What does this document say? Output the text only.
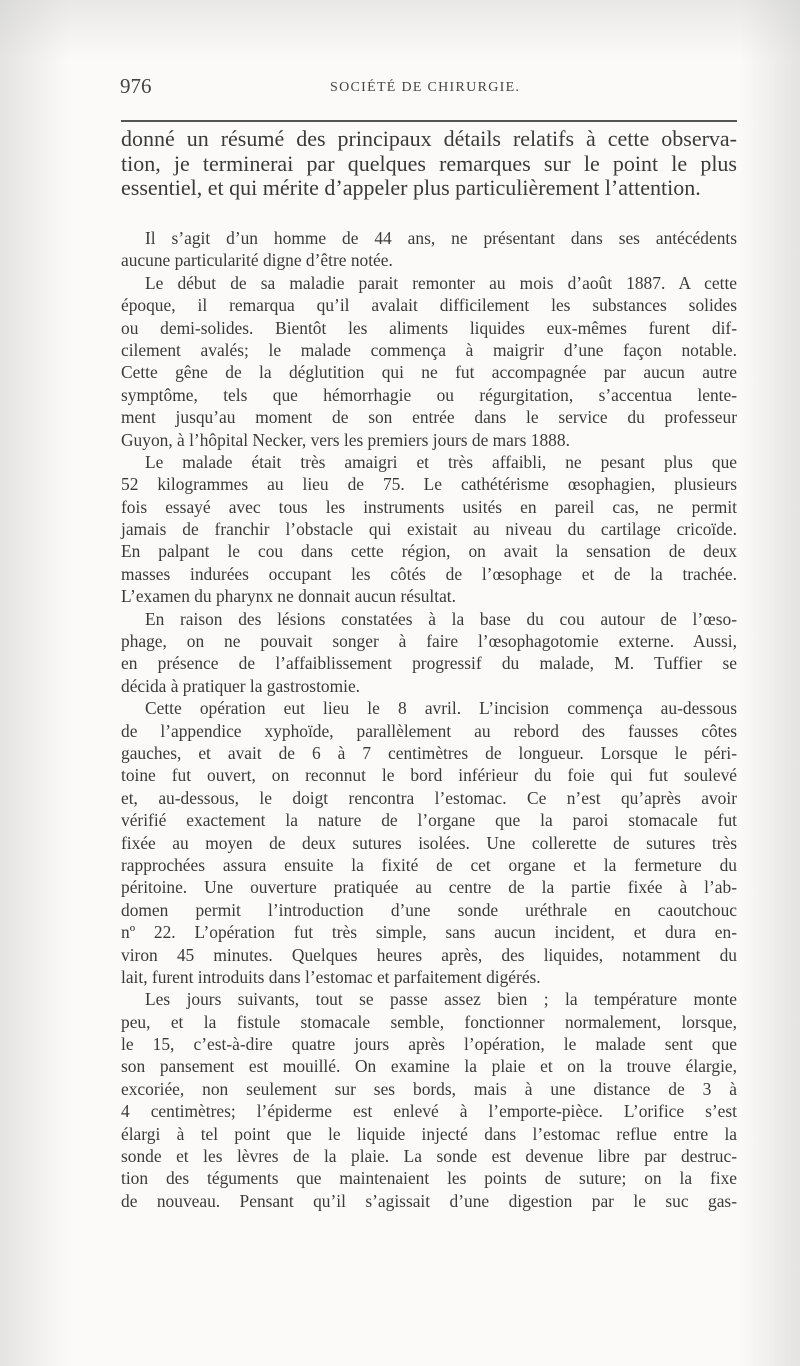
976	SOCIÉTÉ DE CHIRURGIE.
donné un résumé des principaux détails relatifs à cette observa-
tion, je terminerai par quelques remarques sur le point le plus
essentiel, et qui mérite d’appeler plus particulièrement l’attention.
Il s’agit d’un homme de 44 ans, ne présentant dans ses antécédents
aucune particularité digne d’être notée.
Le début de sa maladie parait remonter au mois d’août 1887. A cette
époque, il remarqua qu’il avalait difficilement les substances solides
ou demi-solides. Bientôt les aliments liquides eux-mêmes furent dif-
cilement avalés; le malade commença à maigrir d’une façon notable.
Cette gêne de la déglutition qui ne fut accompagnée par aucun autre
symptôme, tels que hémorrhagie ou régurgitation, s’accentua lente-
ment jusqu’au moment de son entrée dans le service du professeur
Guyon, à l’hôpital Necker, vers les premiers jours de mars 1888.
Le malade était très amaigri et très affaibli, ne pesant plus que
52 kilogrammes au lieu de 75. Le cathétérisme œsophagien, plusieurs
fois essayé avec tous les instruments usités en pareil cas, ne permit
jamais de franchir l’obstacle qui existait au niveau du cartilage cricoïde.
En palpant le cou dans cette région, on avait la sensation de deux
masses indurées occupant les côtés de l’œsophage et de la trachée.
L’examen du pharynx ne donnait aucun résultat.
En raison des lésions constatées à la base du cou autour de l’œso-
phage, on ne pouvait songer à faire l’œsophagotomie externe. Aussi,
en présence de l’affaiblissement progressif du malade, M. Tuffier se
décida à pratiquer la gastrostomie.
Cette opération eut lieu le 8 avril. L’incision commença au-dessous
de l’appendice xyphoïde, parallèlement au rebord des fausses côtes
gauches, et avait de 6 à 7 centimètres de longueur. Lorsque le péri-
toine fut ouvert, on reconnut le bord inférieur du foie qui fut soulevé
et, au-dessous, le doigt rencontra l’estomac. Ce n’est qu’après avoir
vérifié exactement la nature de l’organe que la paroi stomacale fut
fixée au moyen de deux sutures isolées. Une collerette de sutures très
rapprochées assura ensuite la fixité de cet organe et la fermeture du
péritoine. Une ouverture pratiquée au centre de la partie fixée à l’ab-
domen permit l’introduction d’une sonde uréthrale en caoutchouc
nº 22. L’opération fut très simple, sans aucun incident, et dura en-
viron 45 minutes. Quelques heures après, des liquides, notamment du
lait, furent introduits dans l’estomac et parfaitement digérés.
Les jours suivants, tout se passe assez bien ; la température monte
peu, et la fistule stomacale semble, fonctionner normalement, lorsque,
le 15, c’est-à-dire quatre jours après l’opération, le malade sent que
son pansement est mouillé. On examine la plaie et on la trouve élargie,
excoriée, non seulement sur ses bords, mais à une distance de 3 à
4 centimètres; l’épiderme est enlevé à l’emporte-pièce. L’orifice s’est
élargi à tel point que le liquide injecté dans l’estomac reflue entre la
sonde et les lèvres de la plaie. La sonde est devenue libre par destruc-
tion des téguments que maintenaient les points de suture; on la fixe
de nouveau. Pensant qu’il s’agissait d’une digestion par le suc gas-
